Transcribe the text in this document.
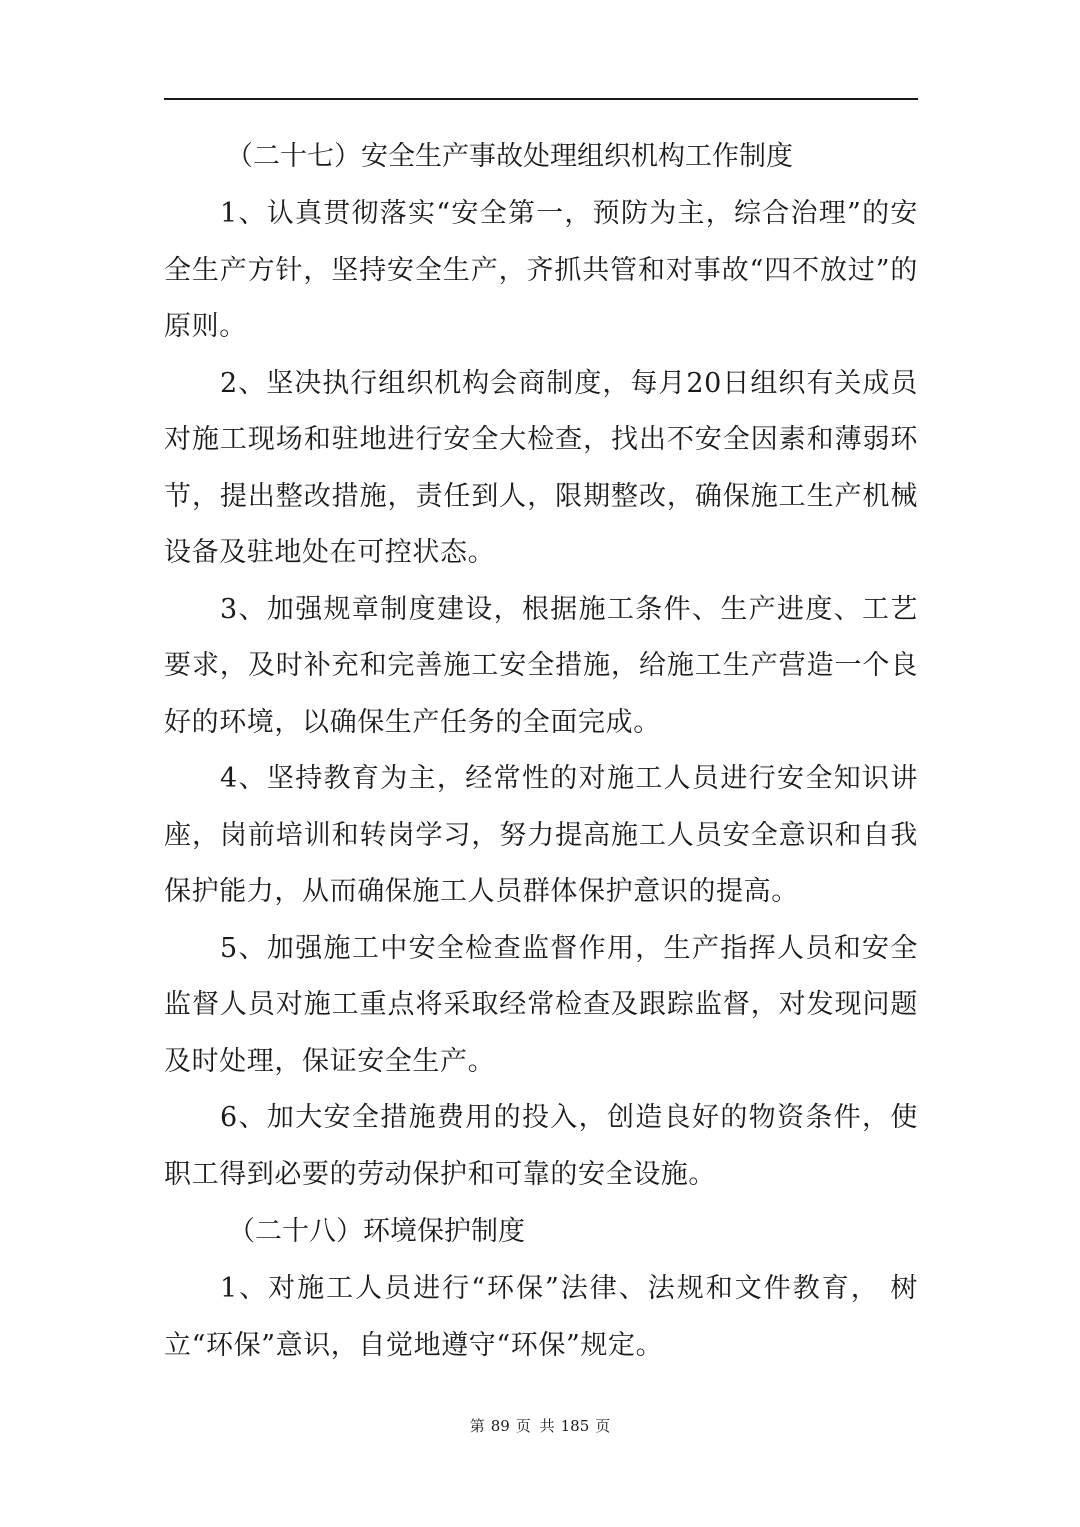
（二十七）安全生产事故处理组织机构工作制度

1、认真贯彻落实“安全第一，预防为主，综合治理”的安全生产方针，坚持安全生产，齐抓共管和对事故“四不放过”的原则。

2、坚决执行组织机构会商制度，每月20日组织有关成员对施工现场和驻地进行安全大检查，找出不安全因素和薄弱环节，提出整改措施，责任到人，限期整改，确保施工生产机械设备及驻地处在可控状态。

3、加强规章制度建设，根据施工条件、生产进度、工艺要求，及时补充和完善施工安全措施，给施工生产营造一个良好的环境，以确保生产任务的全面完成。

4、坚持教育为主，经常性的对施工人员进行安全知识讲座，岗前培训和转岗学习，努力提高施工人员安全意识和自我保护能力，从而确保施工人员群体保护意识的提高。

5、加强施工中安全检查监督作用，生产指挥人员和安全监督人员对施工重点将采取经常检查及跟踪监督，对发现问题及时处理，保证安全生产。

6、加大安全措施费用的投入，创造良好的物资条件，使职工得到必要的劳动保护和可靠的安全设施。

（二十八）环境保护制度

1、对施工人员进行“环保”法律、法规和文件教育， 树立“环保”意识，自觉地遵守“环保”规定。

第 89 页 共 185 页
